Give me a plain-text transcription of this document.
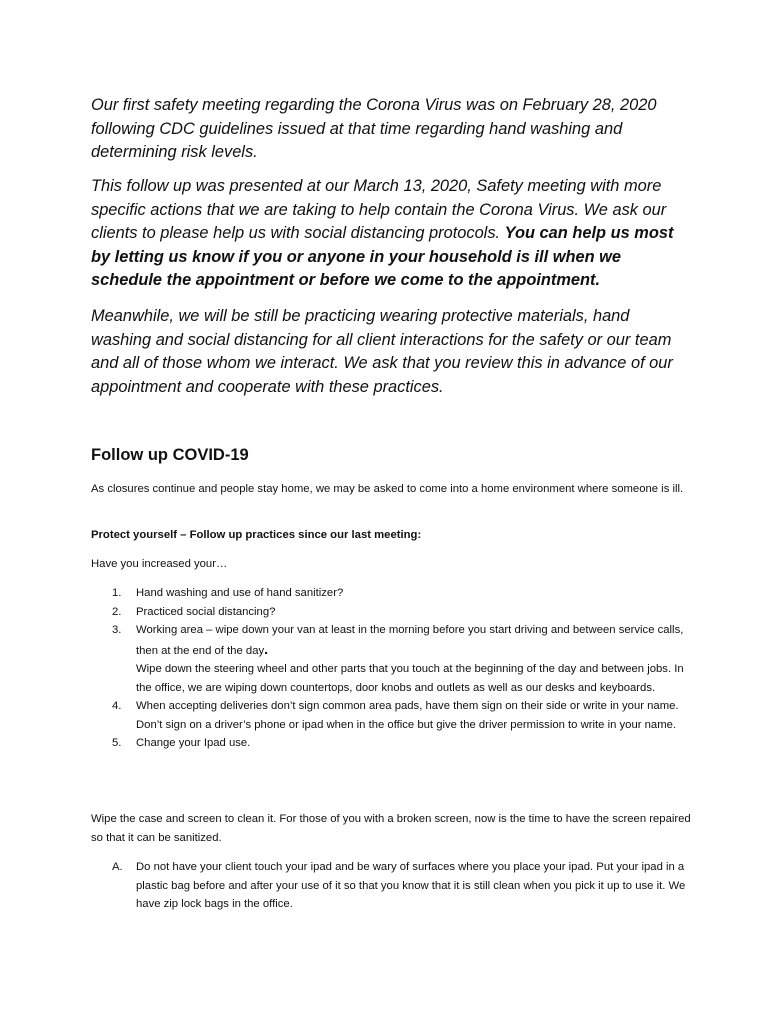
Our first safety meeting regarding the Corona Virus was on February 28, 2020 following CDC guidelines issued at that time regarding hand washing and determining risk levels.

This follow up was presented at our March 13, 2020, Safety meeting with more specific actions that we are taking to help contain the Corona Virus. We ask our clients to please help us with social distancing protocols. You can help us most by letting us know if you or anyone in your household is ill when we schedule the appointment or before we come to the appointment.

Meanwhile, we will be still be practicing wearing protective materials, hand washing and social distancing for all client interactions for the safety or our team and all of those whom we interact. We ask that you review this in advance of our appointment and cooperate with these practices.

Follow up COVID-19

As closures continue and people stay home, we may be asked to come into a home environment where someone is ill.

Protect yourself – Follow up practices since our last meeting:

Have you increased your…

1. Hand washing and use of hand sanitizer?
2. Practiced social distancing?
3. Working area – wipe down your van at least in the morning before you start driving and between service calls, then at the end of the day.
Wipe down the steering wheel and other parts that you touch at the beginning of the day and between jobs. In the office, we are wiping down countertops, door knobs and outlets as well as our desks and keyboards.
4. When accepting deliveries don’t sign common area pads, have them sign on their side or write in your name. Don’t sign on a driver’s phone or ipad when in the office but give the driver permission to write in your name.
5. Change your Ipad use.

Wipe the case and screen to clean it. For those of you with a broken screen, now is the time to have the screen repaired so that it can be sanitized.

A. Do not have your client touch your ipad and be wary of surfaces where you place your ipad. Put your ipad in a plastic bag before and after your use of it so that you know that it is still clean when you pick it up to use it. We have zip lock bags in the office.
